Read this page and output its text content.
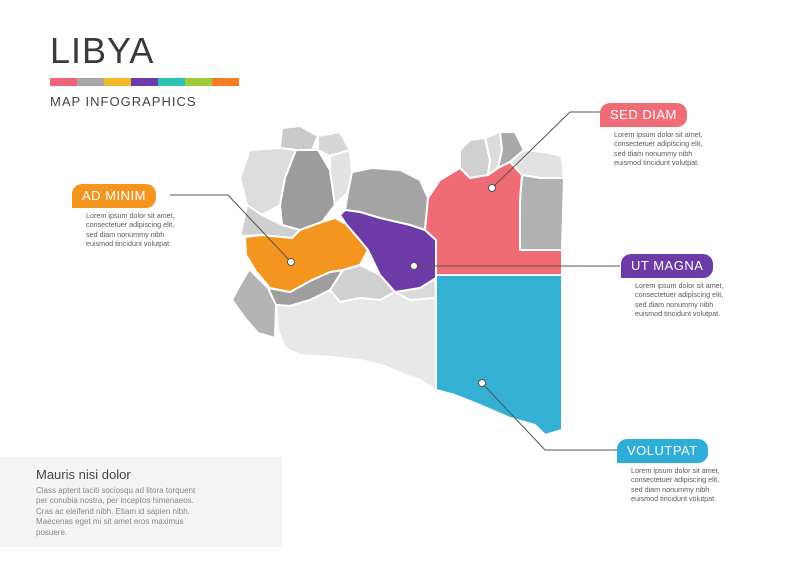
LIBYA
MAP INFOGRAPHICS
SED DIAM
Lorem ipsum dolor sit amet,
consectetuer adipiscing elit,
sed diam nonummy nibh
euismod tincidunt volutpat.
AD MINIM
Lorem ipsum dolor sit amet,
consectetuer adipiscing elit,
sed diam nonummy nibh
euismod tincidunt volutpat.
UT MAGNA
Lorem ipsum dolor sit amet,
consectetuer adipiscing elit,
sed diam nonummy nibh
euismod tincidunt volutpat.
VOLUTPAT
Lorem ipsum dolor sit amet,
consectetuer adipiscing elit,
sed diam nonummy nibh
euismod tincidunt volutpat.
Mauris nisi dolor
Class aptent taciti sociosqu ad litora torquent
per conubia nostra, per inceptos himenaeos.
Cras ac eleifend nibh. Etiam id sapien nibh.
Maecenas eget mi sit amet eros maximus
posuere.
